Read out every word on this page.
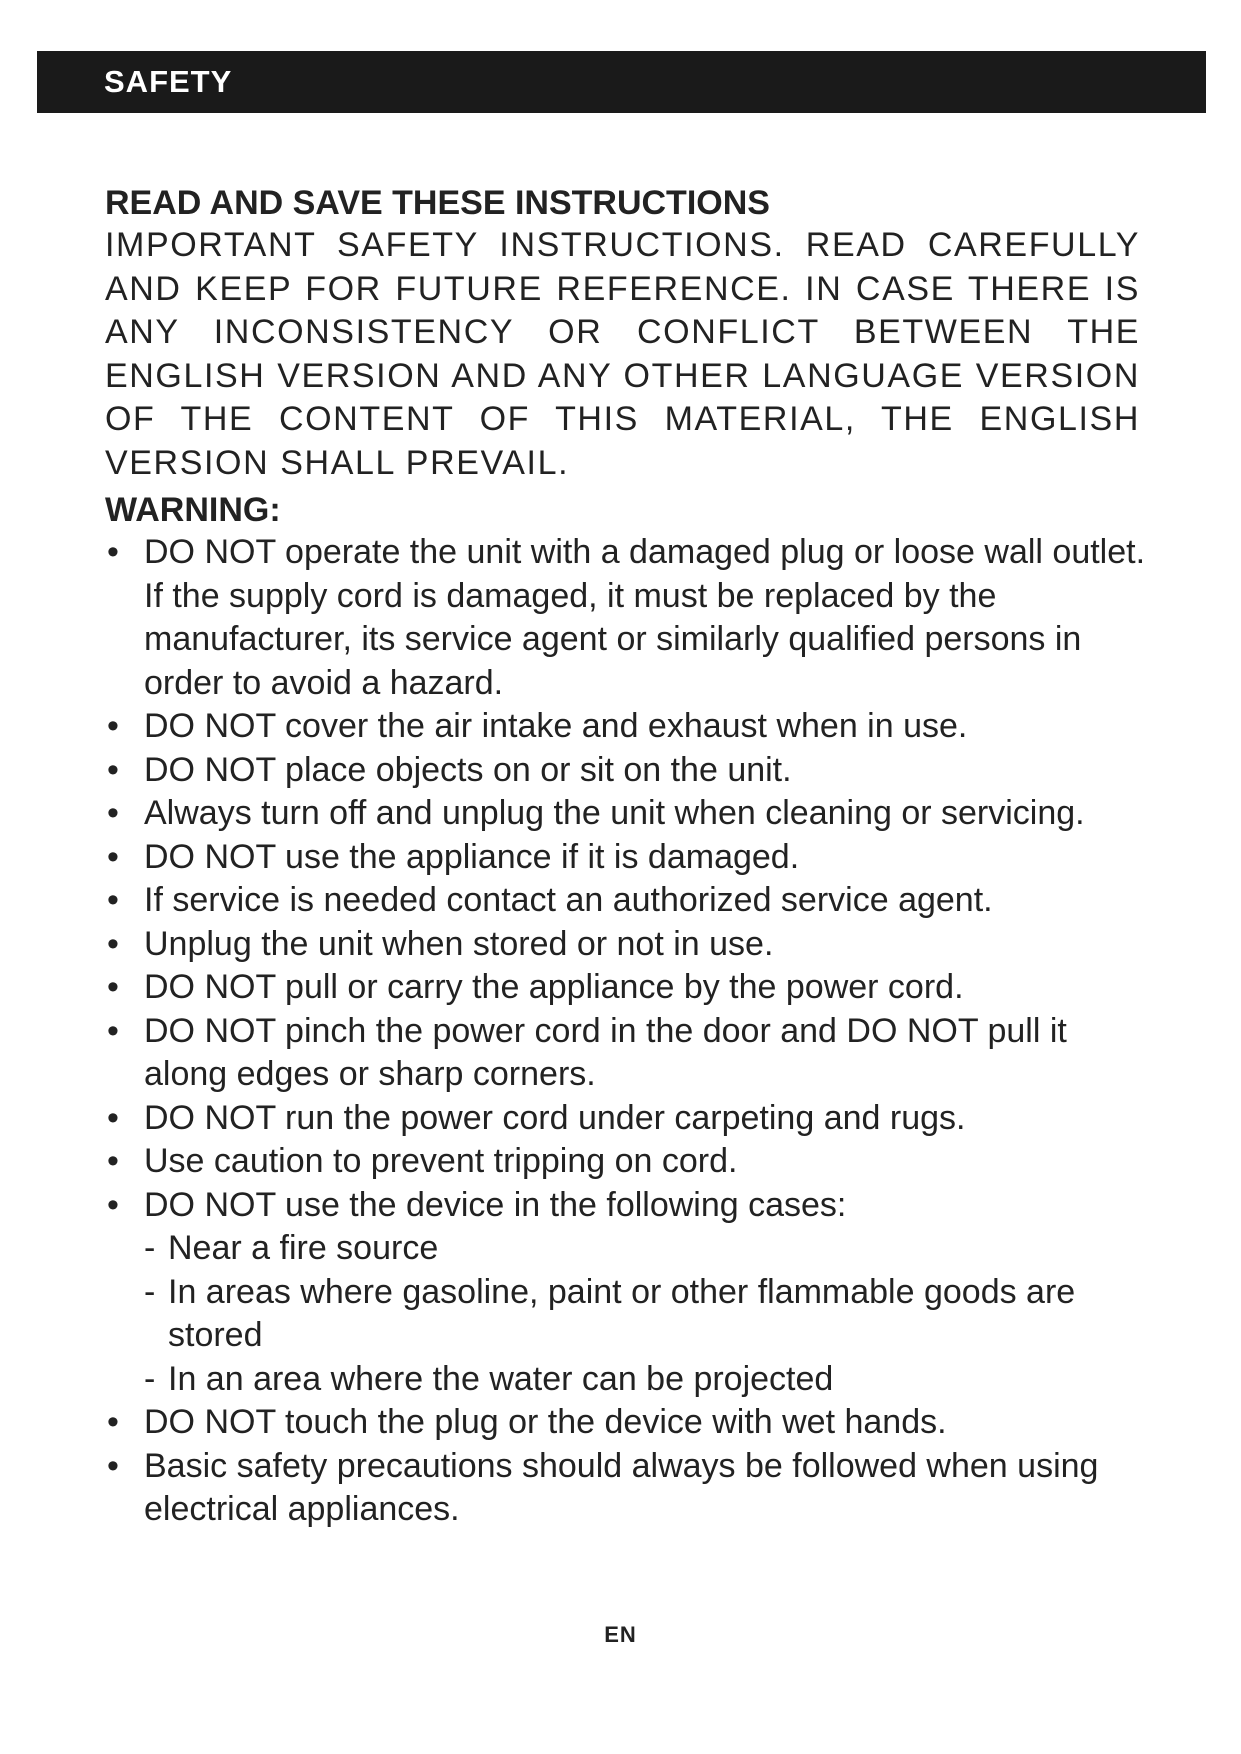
SAFETY

READ AND SAVE THESE INSTRUCTIONS

IMPORTANT SAFETY INSTRUCTIONS. READ CAREFULLY AND KEEP FOR FUTURE REFERENCE. IN CASE THERE IS ANY INCONSISTENCY OR CONFLICT BETWEEN THE ENGLISH VERSION AND ANY OTHER LANGUAGE VERSION OF THE CONTENT OF THIS MATERIAL, THE ENGLISH VERSION SHALL PREVAIL.

WARNING:

• DO NOT operate the unit with a damaged plug or loose wall outlet. If the supply cord is damaged, it must be replaced by the manufacturer, its service agent or similarly qualified persons in order to avoid a hazard.
• DO NOT cover the air intake and exhaust when in use.
• DO NOT place objects on or sit on the unit.
• Always turn off and unplug the unit when cleaning or servicing.
• DO NOT use the appliance if it is damaged.
• If service is needed contact an authorized service agent.
• Unplug the unit when stored or not in use.
• DO NOT pull or carry the appliance by the power cord.
• DO NOT pinch the power cord in the door and DO NOT pull it along edges or sharp corners.
• DO NOT run the power cord under carpeting and rugs.
• Use caution to prevent tripping on cord.
• DO NOT use the device in the following cases:
- Near a fire source
- In areas where gasoline, paint or other flammable goods are stored
- In an area where the water can be projected
• DO NOT touch the plug or the device with wet hands.
• Basic safety precautions should always be followed when using electrical appliances.
EN
